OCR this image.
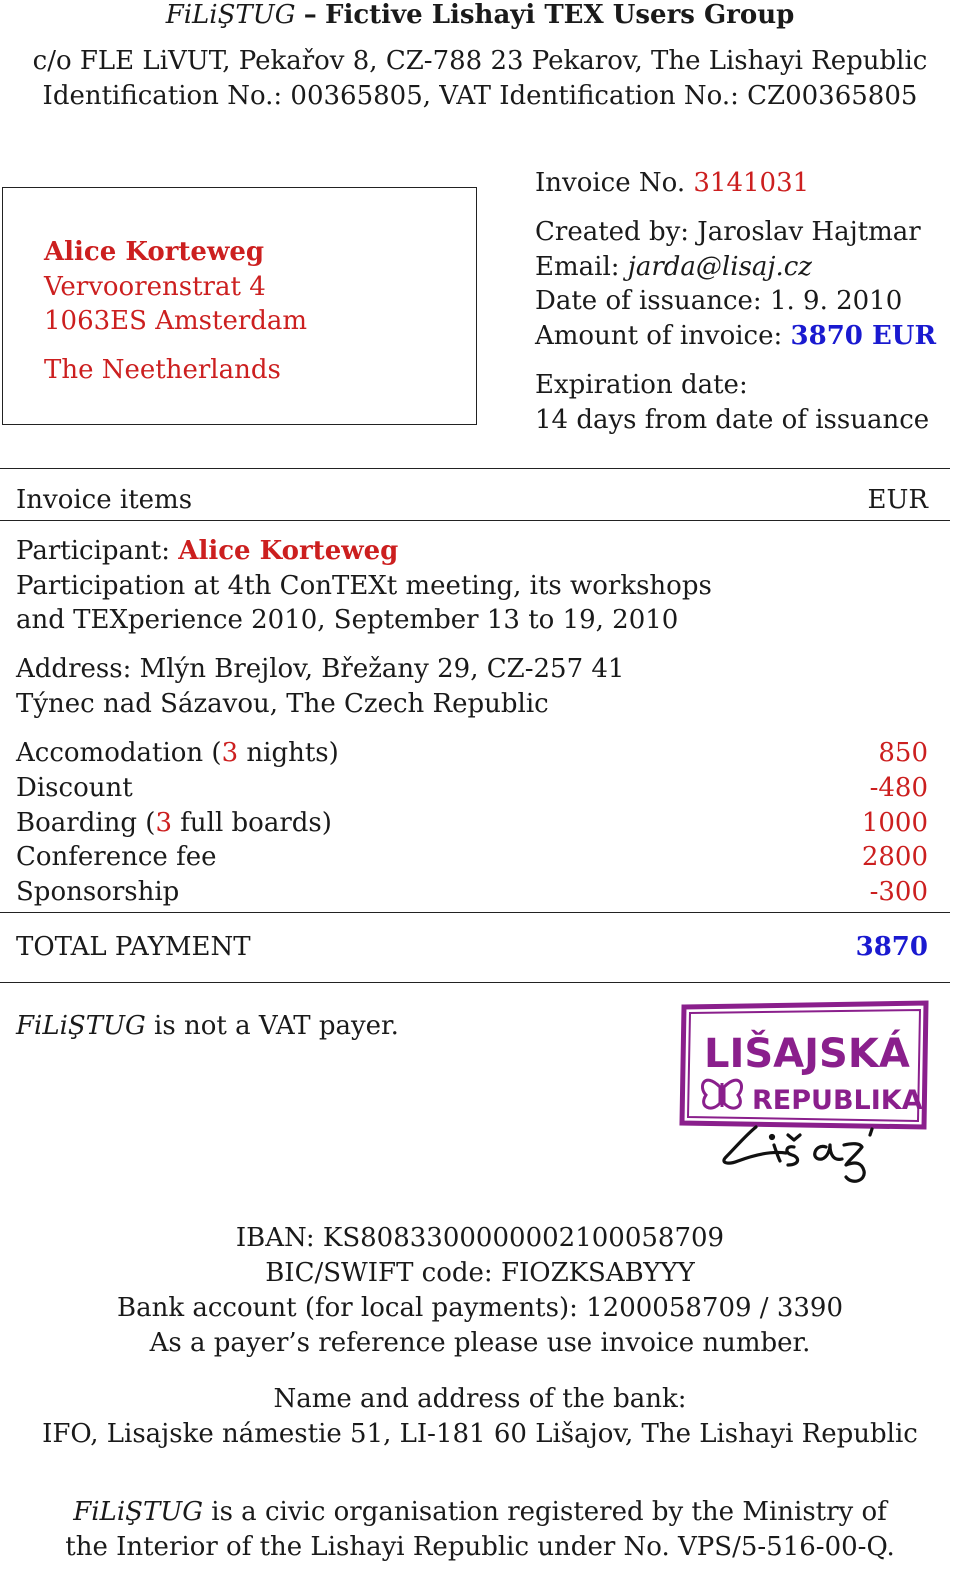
FiLiŞTUG – Fictive Lishayi TEX Users Group
c/o FLE LiVUT, Pekařov 8, CZ-788 23 Pekarov, The Lishayi Republic
Identification No.: 00365805, VAT Identification No.: CZ00365805
Alice Korteweg
Vervoorenstrat 4
1063ES Amsterdam
The Neetherlands
Invoice No. 3141031
Created by: Jaroslav Hajtmar
Email: jarda@lisaj.cz
Date of issuance: 1. 9. 2010
Amount of invoice: 3870 EUR
Expiration date:
14 days from date of issuance
Invoice items	EUR
Participant: Alice Korteweg
Participation at 4th ConTEXt meeting, its workshops
and TEXperience 2010, September 13 to 19, 2010
Address: Mlýn Brejlov, Břežany 29, CZ-257 41
Týnec nad Sázavou, The Czech Republic
Accomodation (3 nights)	850
Discount	-480
Boarding (3 full boards)	1000
Conference fee	2800
Sponsorship	-300
TOTAL PAYMENT	3870
FiLiŞTUG is not a VAT payer.
LIŠAJSKÁ
REPUBLIKA
IBAN: KS8083300000002100058709
BIC/SWIFT code: FIOZKSABYYY
Bank account (for local payments): 1200058709 / 3390
As a payer’s reference please use invoice number.
Name and address of the bank:
IFO, Lisajske námestie 51, LI-181 60 Lišajov, The Lishayi Republic
FiLiŞTUG is a civic organisation registered by the Ministry of
the Interior of the Lishayi Republic under No. VPS/5-516-00-Q.
